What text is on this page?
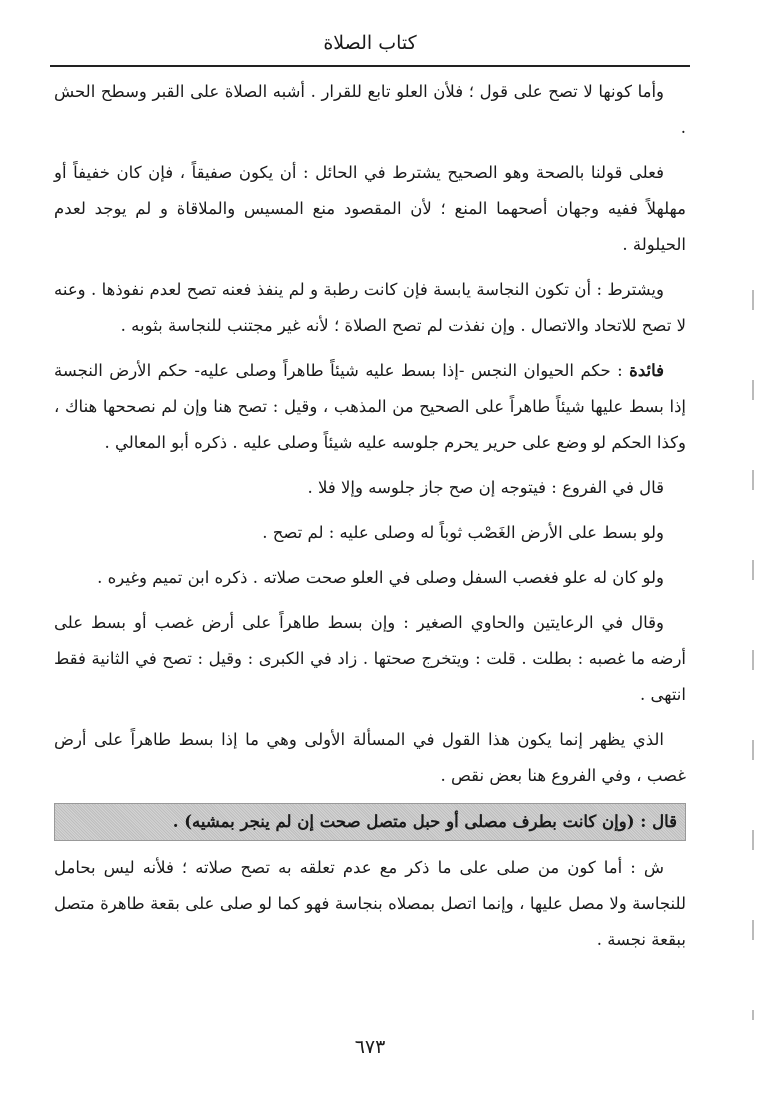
كتاب الصلاة

وأما كونها لا تصح على قول ؛ فلأن العلو تابع للقرار . أشبه الصلاة على القبر وسطح الحش .

فعلى قولنا بالصحة وهو الصحيح يشترط في الحائل : أن يكون صفيقاً ، فإن كان خفيفاً أو مهلهلاً ففيه وجهان أصحهما المنع ؛ لأن المقصود منع المسيس والملاقاة و لم يوجد لعدم الحيلولة .

ويشترط : أن تكون النجاسة يابسة فإن كانت رطبة و لم ينفذ فعنه تصح لعدم نفوذها . وعنه لا تصح للاتحاد والاتصال . وإن نفذت لم تصح الصلاة ؛ لأنه غير مجتنب للنجاسة بثوبه .

فائدة : حكم الحيوان النجس -إذا بسط عليه شيئاً طاهراً وصلى عليه- حكم الأرض النجسة إذا بسط عليها شيئاً طاهراً على الصحيح من المذهب ، وقيل : تصح هنا وإن لم نصححها هناك ، وكذا الحكم لو وضع على حرير يحرم جلوسه عليه شيئاً وصلى عليه . ذكره أبو المعالي .

قال في الفروع : فيتوجه إن صح جاز جلوسه وإلا فلا .

ولو بسط على الأرض الغَصْب ثوباً له وصلى عليه : لم تصح .

ولو كان له علو فغصب السفل وصلى في العلو صحت صلاته . ذكره ابن تميم وغيره .

وقال في الرعايتين والحاوي الصغير : وإن بسط طاهراً على أرض غصب أو بسط على أرضه ما غصبه : بطلت . قلت : ويتخرج صحتها . زاد في الكبرى : وقيل : تصح في الثانية فقط انتهى .

الذي يظهر إنما يكون هذا القول في المسألة الأولى وهي ما إذا بسط طاهراً على أرض غصب ، وفي الفروع هنا بعض نقص .

قال : (وإن كانت بطرف مصلى أو حبل متصل صحت إن لم ينجر بمشيه) .

ش : أما كون من صلى على ما ذكر مع عدم تعلقه به تصح صلاته ؛ فلأنه ليس بحامل للنجاسة ولا مصل عليها ، وإنما اتصل بمصلاه بنجاسة فهو كما لو صلى على بقعة طاهرة متصل ببقعة نجسة .

٦٧٣
